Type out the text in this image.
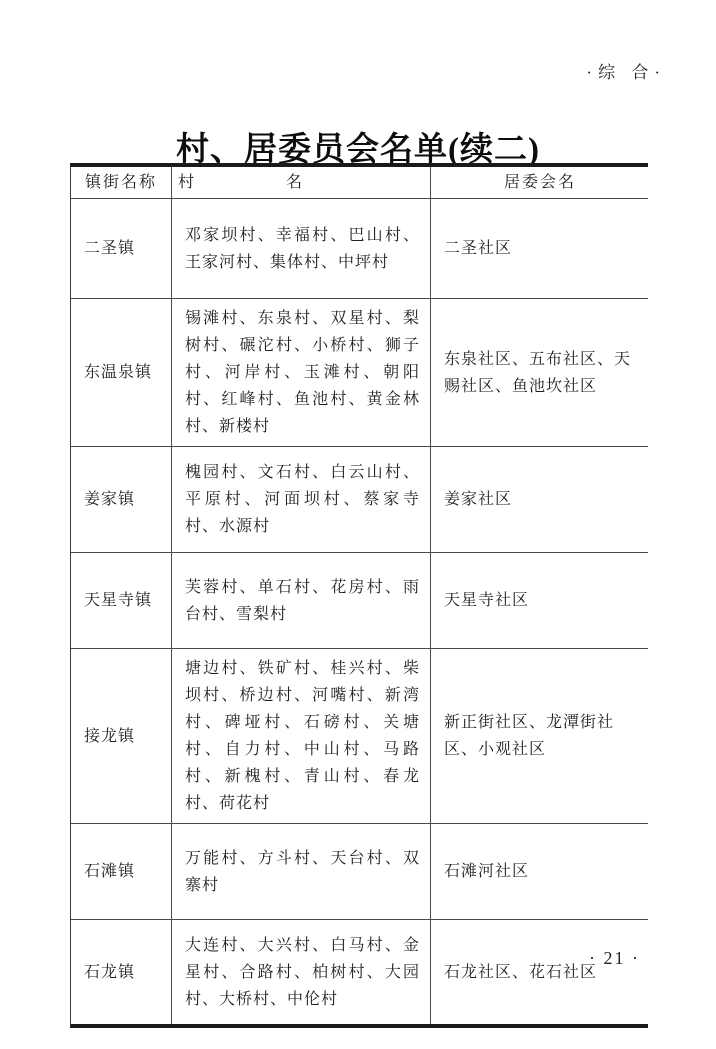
·综 合·
村、居委员会名单(续二)
镇街名称	村　　　　　名	居委会名
二圣镇
邓家坝村、幸福村、巴山村、王家河村、集体村、中坪村
二圣社区
东温泉镇
锡滩村、东泉村、双星村、梨树村、碾沱村、小桥村、狮子村、河岸村、玉滩村、朝阳村、红峰村、鱼池村、黄金林村、新楼村
东泉社区、五布社区、天赐社区、鱼池坎社区
姜家镇
槐园村、文石村、白云山村、平原村、河面坝村、蔡家寺村、水源村
姜家社区
天星寺镇
芙蓉村、单石村、花房村、雨台村、雪梨村
天星寺社区
接龙镇
塘边村、铁矿村、桂兴村、柴坝村、桥边村、河嘴村、新湾村、碑垭村、石磅村、关塘村、自力村、中山村、马路村、新槐村、青山村、春龙村、荷花村
新正街社区、龙潭街社区、小观社区
石滩镇
万能村、方斗村、天台村、双寨村
石滩河社区
石龙镇
大连村、大兴村、白马村、金星村、合路村、柏树村、大园村、大桥村、中伦村
石龙社区、花石社区
· 21 ·
